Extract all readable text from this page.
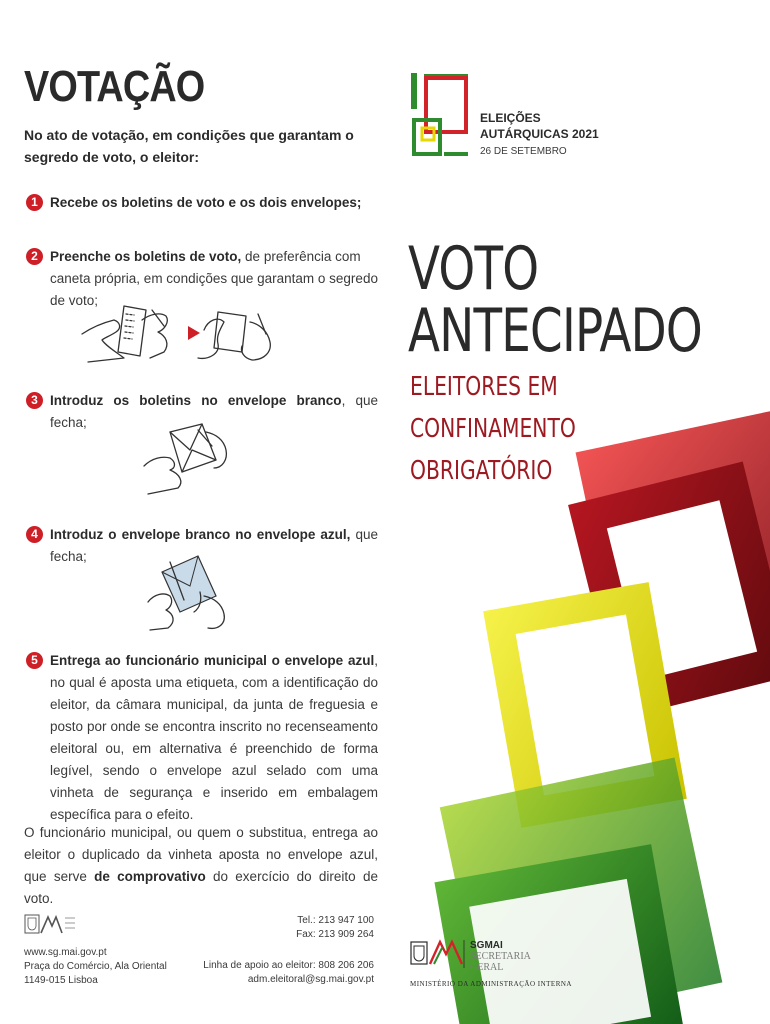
VOTAÇÃO
No ato de votação, em condições que garantam o segredo de voto, o eleitor:
1 Recebe os boletins de voto e os dois envelopes;
2 Preenche os boletins de voto, de preferência com caneta própria, em condições que garantam o segredo de voto;
3 Introduz os boletins no envelope branco, que fecha;
4 Introduz o envelope branco no envelope azul, que fecha;
5 Entrega ao funcionário municipal o envelope azul, no qual é aposta uma etiqueta, com a identificação do eleitor, da câmara municipal, da junta de freguesia e posto por onde se encontra inscrito no recenseamento eleitoral ou, em alternativa é preenchido de forma legível, sendo o envelope azul selado com uma vinheta de segurança e inserido em embalagem específica para o efeito.
O funcionário municipal, ou quem o substitua, entrega ao eleitor o duplicado da vinheta aposta no envelope azul, que serve de comprovativo do exercício do direito de voto.
www.sg.mai.gov.pt
Praça do Comércio, Ala Oriental
1149-015 Lisboa
Tel.: 213 947 100
Fax: 213 909 264
Linha de apoio ao eleitor: 808 206 206
adm.eleitoral@sg.mai.gov.pt
ELEIÇÕES
AUTÁRQUICAS 2021
26 DE SETEMBRO
VOTO
ANTECIPADO
ELEITORES EM
CONFINAMENTO
OBRIGATÓRIO
SGMAI
SECRETARIA
GERAL
MINISTÉRIO DA ADMINISTRAÇÃO INTERNA
